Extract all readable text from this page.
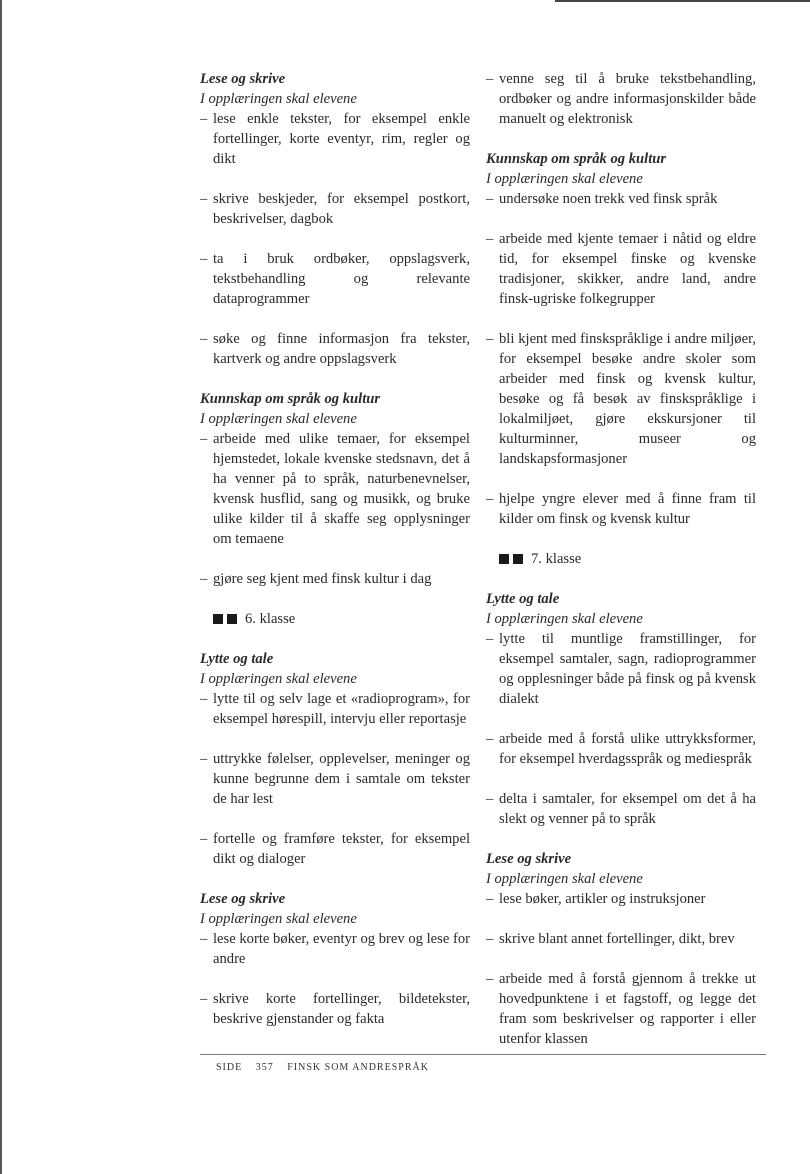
Lese og skrive
I opplæringen skal elevene
– lese enkle tekster, for eksempel enkle fortellinger, korte eventyr, rim, regler og dikt
– skrive beskjeder, for eksempel postkort, beskrivelser, dagbok
– ta i bruk ordbøker, oppslagsverk, tekstbehandling og relevante dataprogrammer
– søke og finne informasjon fra tekster, kartverk og andre oppslagsverk
Kunnskap om språk og kultur
I opplæringen skal elevene
– arbeide med ulike temaer, for eksempel hjemstedet, lokale kvenske stedsnavn, det å ha venner på to språk, naturbenevnelser, kvensk husflid, sang og musikk, og bruke ulike kilder til å skaffe seg opplysninger om temaene
– gjøre seg kjent med finsk kultur i dag
6. klasse
Lytte og tale
I opplæringen skal elevene
– lytte til og selv lage et «radioprogram», for eksempel hørespill, intervju eller reportasje
– uttrykke følelser, opplevelser, meninger og kunne begrunne dem i samtale om tekster de har lest
– fortelle og framføre tekster, for eksempel dikt og dialoger
Lese og skrive
I opplæringen skal elevene
– lese korte bøker, eventyr og brev og lese for andre
– skrive korte fortellinger, bildetekster, beskrive gjenstander og fakta
– venne seg til å bruke tekstbehandling, ordbøker og andre informasjonskilder både manuelt og elektronisk
Kunnskap om språk og kultur
I opplæringen skal elevene
– undersøke noen trekk ved finsk språk
– arbeide med kjente temaer i nåtid og eldre tid, for eksempel finske og kvenske tradisjoner, skikker, andre land, andre finsk-ugriske folkegrupper
– bli kjent med finskspråklige i andre miljøer, for eksempel besøke andre skoler som arbeider med finsk og kvensk kultur, besøke og få besøk av finskspråklige i lokalmiljøet, gjøre ekskursjoner til kulturminner, museer og landskapsformasjoner
– hjelpe yngre elever med å finne fram til kilder om finsk og kvensk kultur
7. klasse
Lytte og tale
I opplæringen skal elevene
– lytte til muntlige framstillinger, for eksempel samtaler, sagn, radioprogrammer og opplesninger både på finsk og på kvensk dialekt
– arbeide med å forstå ulike uttrykksformer, for eksempel hverdagsspråk og mediespråk
– delta i samtaler, for eksempel om det å ha slekt og venner på to språk
Lese og skrive
I opplæringen skal elevene
– lese bøker, artikler og instruksjoner
– skrive blant annet fortellinger, dikt, brev
– arbeide med å forstå gjennom å trekke ut hovedpunktene i et fagstoff, og legge det fram som beskrivelser og rapporter i eller utenfor klassen
SIDE 357 FINSK SOM ANDRESPRÅK
